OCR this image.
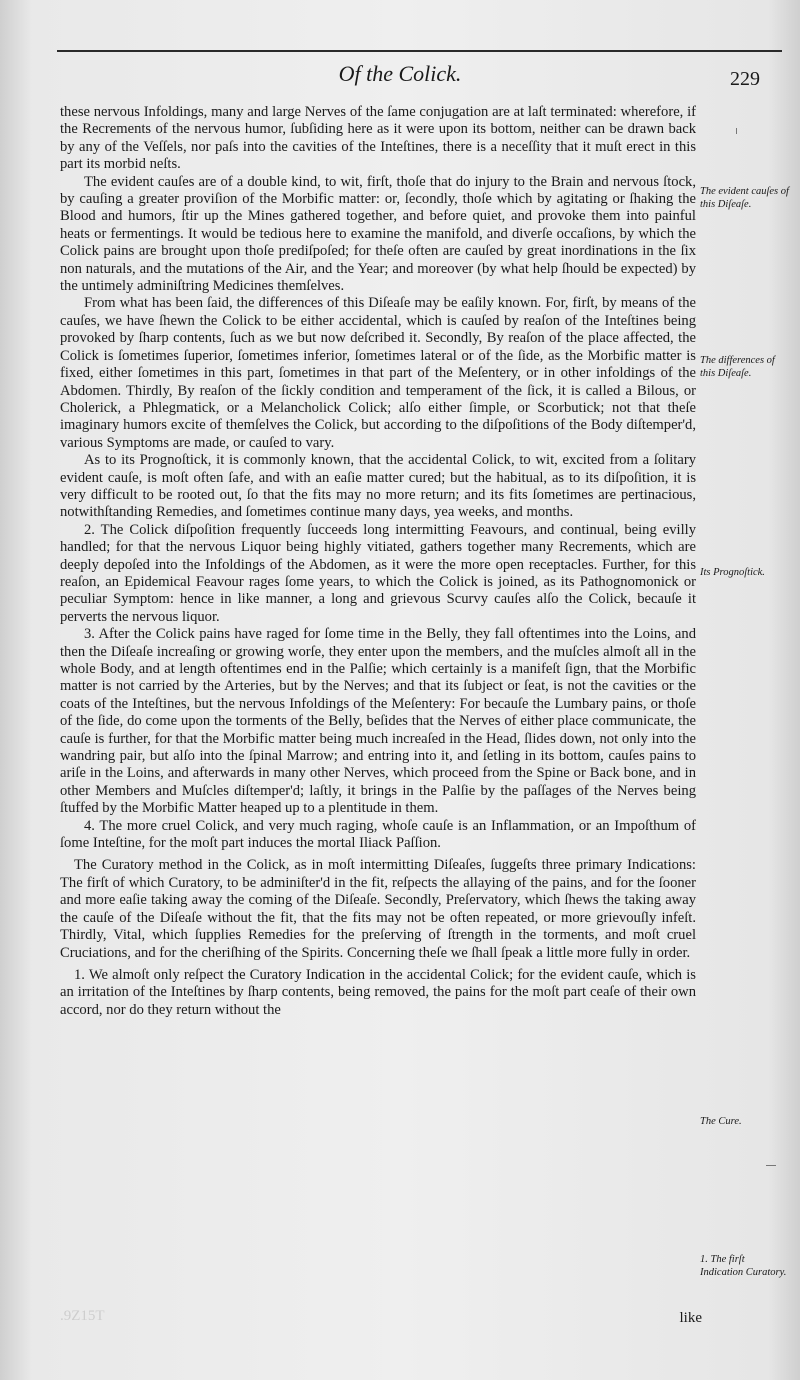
Of the Colick.	229

these nervous Infoldings, many and large Nerves of the ſame conjugation are at laſt terminated: wherefore, if the Recrements of the nervous humor, ſubſiding here as it were upon its bottom, neither can be drawn back by any of the Veſſels, nor paſs into the cavities of the Inteſtines, there is a neceſſity that it muſt erect in this part its morbid neſts.

The evident cauſes are of a double kind, to wit, firſt, thoſe that do injury to the Brain and nervous ſtock, by cauſing a greater proviſion of the Morbific matter: or, ſecondly, thoſe which by agitating or ſhaking the Blood and humors, ſtir up the Mines gathered together, and before quiet, and provoke them into painful heats or fermentings. It would be tedious here to examine the manifold, and diverſe occaſions, by which the Colick pains are brought upon thoſe prediſpoſed; for theſe often are cauſed by great inordinations in the ſix non naturals, and the mutations of the Air, and the Year; and moreover (by what help ſhould be expected) by the untimely adminiſtring Medicines themſelves.

From what has been ſaid, the differences of this Diſeaſe may be eaſily known. For, firſt, by means of the cauſes, we have ſhewn the Colick to be either accidental, which is cauſed by reaſon of the Inteſtines being provoked by ſharp contents, ſuch as we but now deſcribed it. Secondly, By reaſon of the place affected, the Colick is ſometimes ſuperior, ſometimes inferior, ſometimes lateral or of the ſide, as the Morbific matter is fixed, either ſometimes in this part, ſometimes in that part of the Meſentery, or in other infoldings of the Abdomen. Thirdly, By reaſon of the ſickly condition and temperament of the ſick, it is called a Bilous, or Cholerick, a Phlegmatick, or a Melancholick Colick; alſo either ſimple, or Scorbutick; not that theſe imaginary humors excite of themſelves the Colick, but according to the diſpoſitions of the Body diſtemper'd, various Symptoms are made, or cauſed to vary.

As to its Prognoſtick, it is commonly known, that the accidental Colick, to wit, excited from a ſolitary evident cauſe, is moſt often ſafe, and with an eaſie matter cured; but the habitual, as to its diſpoſition, it is very difficult to be rooted out, ſo that the fits may no more return; and its fits ſometimes are pertinacious, notwithſtanding Remedies, and ſometimes continue many days, yea weeks, and months.

2. The Colick diſpoſition frequently ſucceeds long intermitting Feavours, and continual, being evilly handled; for that the nervous Liquor being highly vitiated, gathers together many Recrements, which are deeply depoſed into the Infoldings of the Abdomen, as it were the more open receptacles. Further, for this reaſon, an Epidemical Feavour rages ſome years, to which the Colick is joined, as its Pathognomonick or peculiar Symptom: hence in like manner, a long and grievous Scurvy cauſes alſo the Colick, becauſe it perverts the nervous liquor.

3. After the Colick pains have raged for ſome time in the Belly, they fall oftentimes into the Loins, and then the Diſeaſe increaſing or growing worſe, they enter upon the members, and the muſcles almoſt all in the whole Body, and at length oftentimes end in the Palſie; which certainly is a manifeſt ſign, that the Morbific matter is not carried by the Arteries, but by the Nerves; and that its ſubject or ſeat, is not the cavities or the coats of the Inteſtines, but the nervous Infoldings of the Meſentery: For becauſe the Lumbary pains, or thoſe of the ſide, do come upon the torments of the Belly, beſides that the Nerves of either place communicate, the cauſe is further, for that the Morbific matter being much increaſed in the Head, ſlides down, not only into the wandring pair, but alſo into the ſpinal Marrow; and entring into it, and ſetling in its bottom, cauſes pains to ariſe in the Loins, and afterwards in many other Nerves, which proceed from the Spine or Back bone, and in other Members and Muſcles diſtemper'd; laſtly, it brings in the Palſie by the paſſages of the Nerves being ſtuffed by the Morbific Matter heaped up to a plentitude in them.

4. The more cruel Colick, and very much raging, whoſe cauſe is an Inflammation, or an Impoſthum of ſome Inteſtine, for the moſt part induces the mortal Iliack Paſſion.

The Curatory method in the Colick, as in moſt intermitting Diſeaſes, ſuggeſts three primary Indications: The firſt of which Curatory, to be adminiſter'd in the fit, reſpects the allaying of the pains, and for the ſooner and more eaſie taking away the coming of the Diſeaſe. Secondly, Preſervatory, which ſhews the taking away the cauſe of the Diſeaſe without the fit, that the fits may not be often repeated, or more grievouſly infeſt. Thirdly, Vital, which ſupplies Remedies for the preſerving of ſtrength in the torments, and moſt cruel Cruciations, and for the cheriſhing of the Spirits. Concerning theſe we ſhall ſpeak a little more fully in order.

1. We almoſt only reſpect the Curatory Indication in the accidental Colick; for the evident cauſe, which is an irritation of the Inteſtines by ſharp contents, being removed, the pains for the moſt part ceaſe of their own accord, nor do they return without the

like
.9Z15T
The evident cauſes of this Diſeaſe.
The differences of this Diſeaſe.
Its Prognoſtick.
The Cure.
1. The firſt Indication Curatory.
